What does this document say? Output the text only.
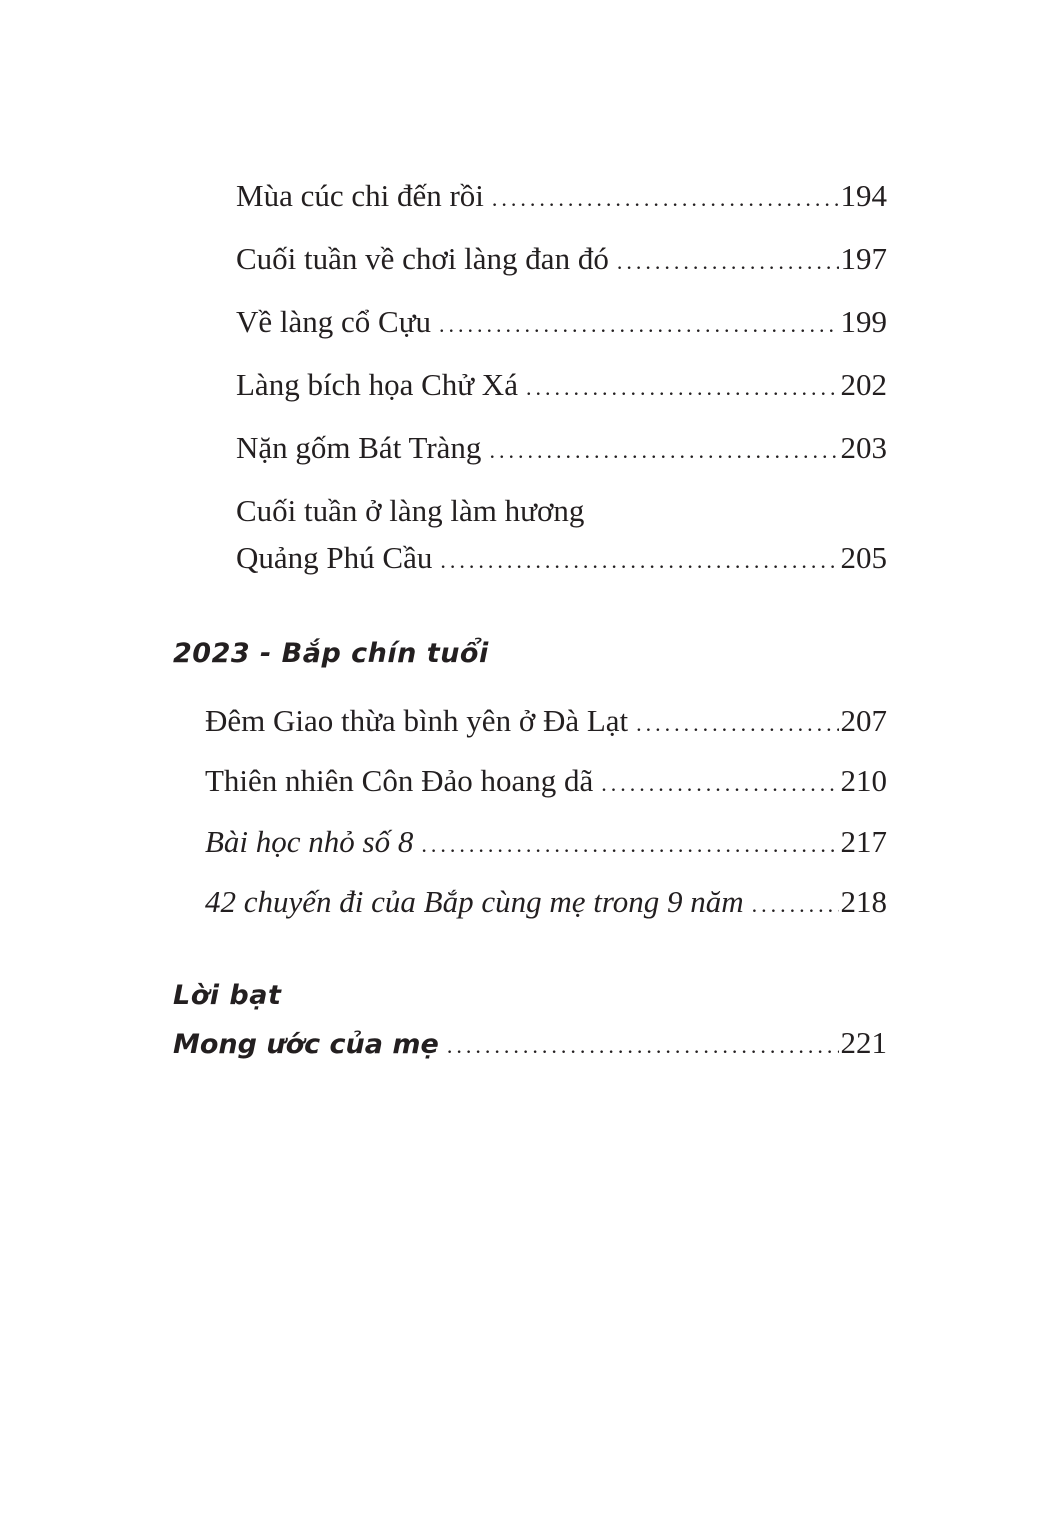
Mùa cúc chi đến rồi .....	194
Cuối tuần về chơi làng đan đó .....	197
Về làng cổ Cựu .....	199
Làng bích họa Chử Xá .....	202
Nặn gốm Bát Tràng .....	203
Cuối tuần ở làng làm hương
Quảng Phú Cầu .....	205
2023 - Bắp chín tuổi
Đêm Giao thừa bình yên ở Đà Lạt .....	207
Thiên nhiên Côn Đảo hoang dã .....	210
Bài học nhỏ số 8 .....	217
42 chuyến đi của Bắp cùng mẹ trong 9 năm .....	218
Lời bạt
Mong ước của mẹ .....	221
